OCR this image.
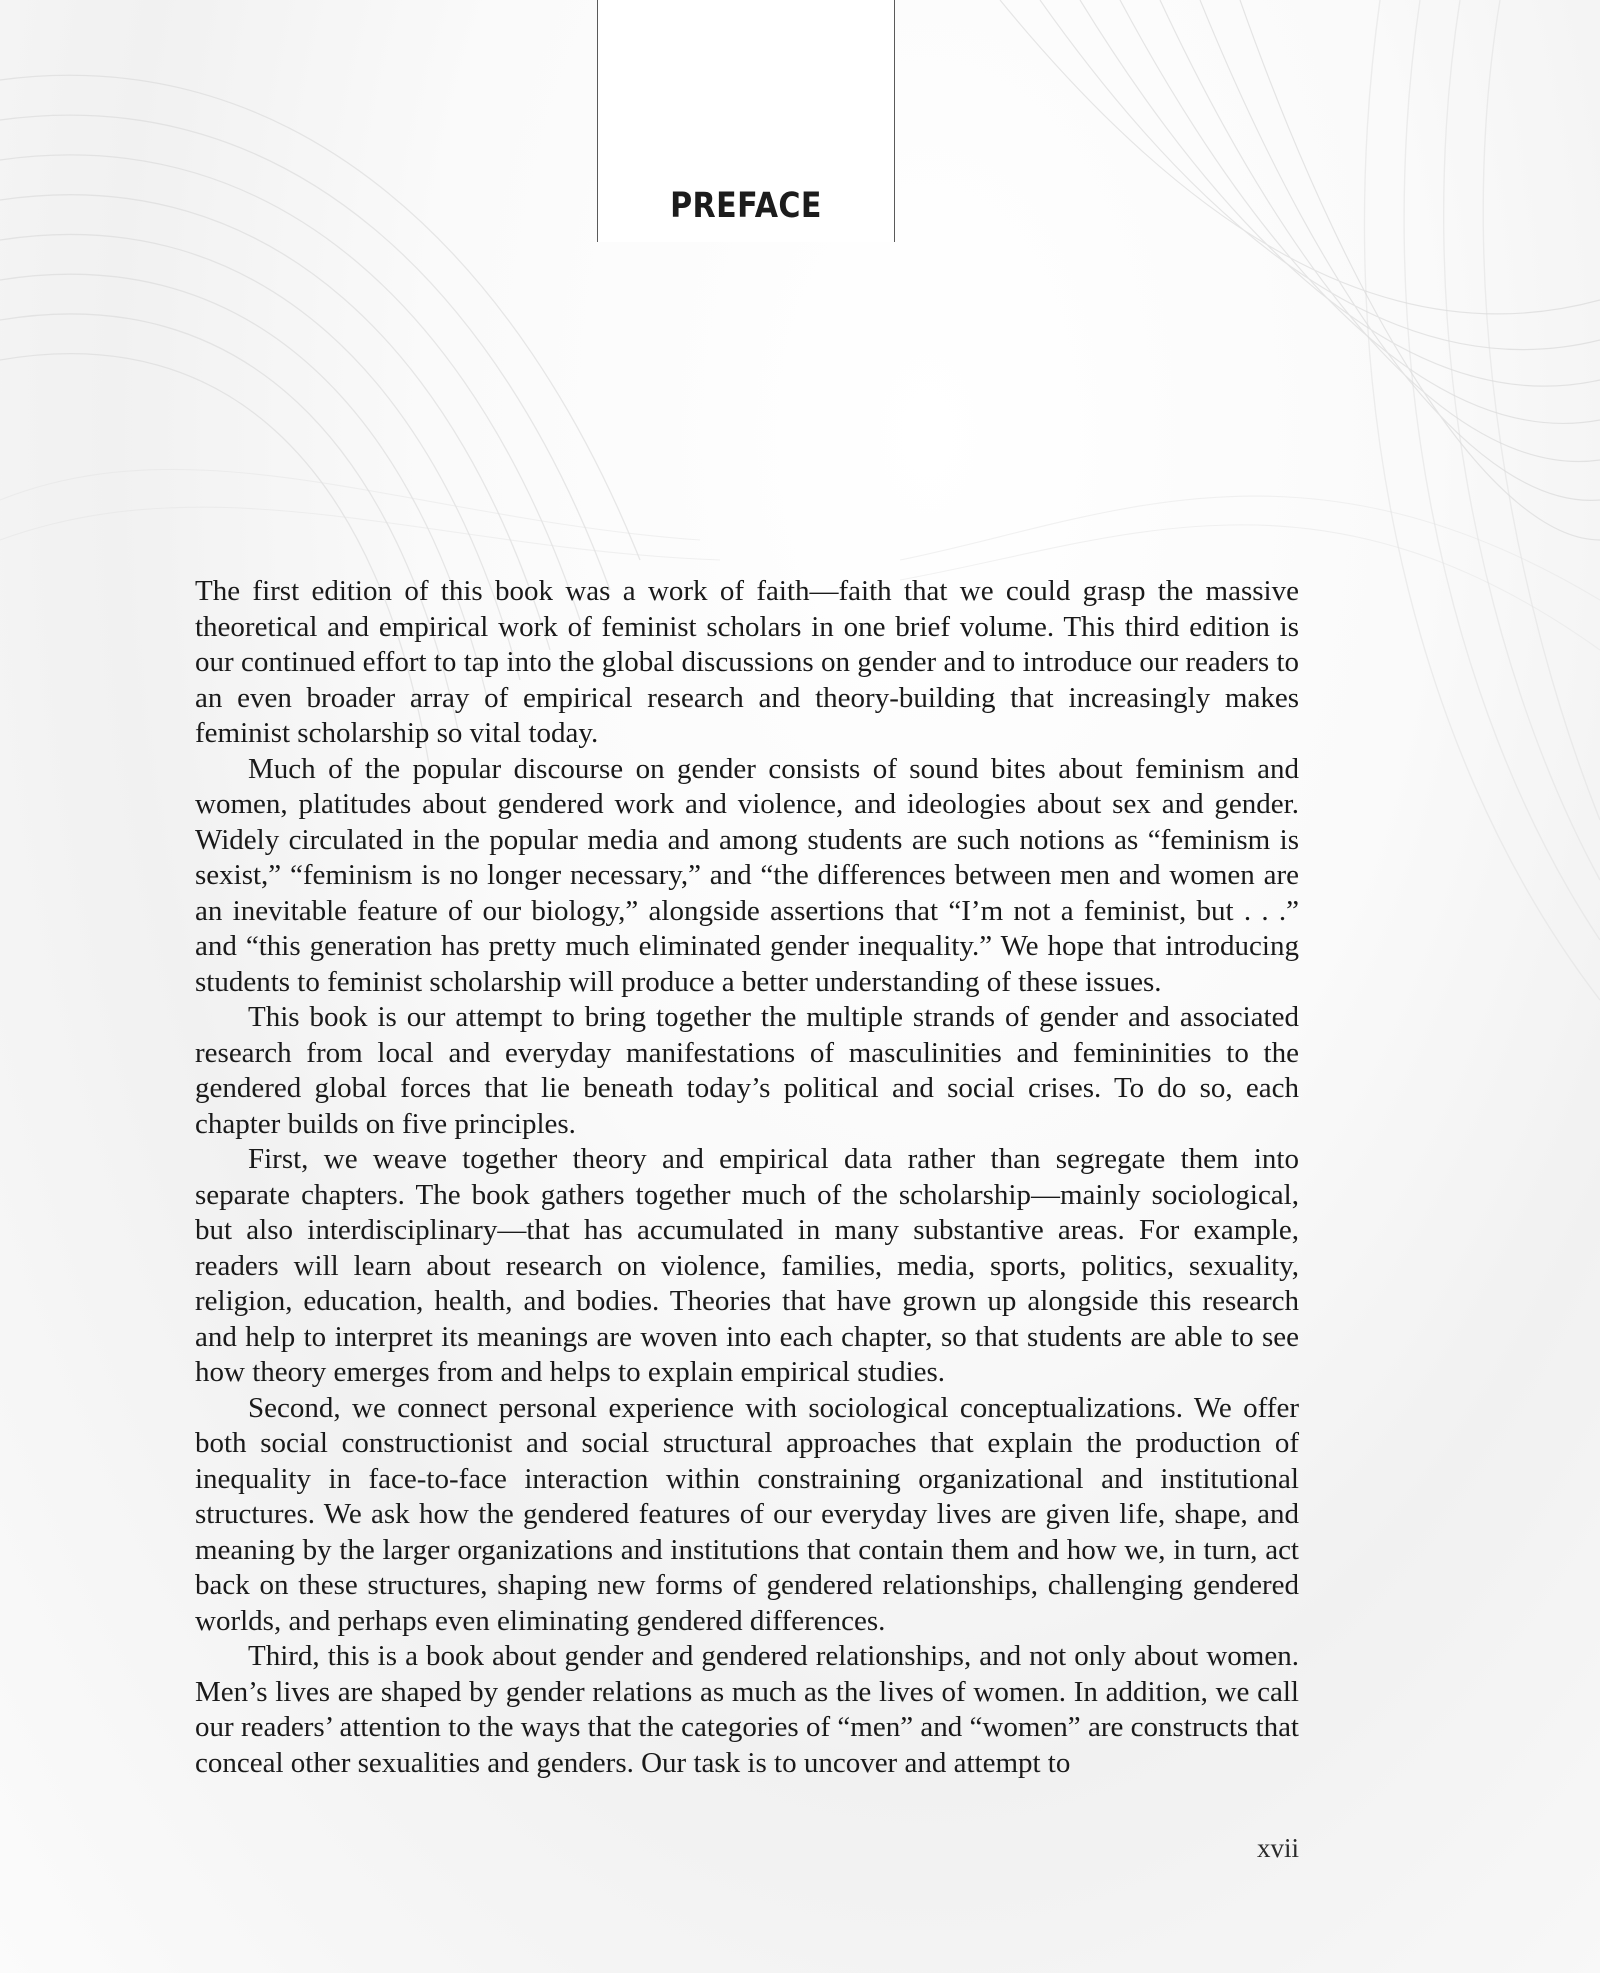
PREFACE

The first edition of this book was a work of faith—faith that we could grasp the massive theoretical and empirical work of feminist scholars in one brief volume. This third edition is our continued effort to tap into the global discussions on gender and to introduce our readers to an even broader array of empirical research and theory-building that increasingly makes feminist scholarship so vital today.

Much of the popular discourse on gender consists of sound bites about feminism and women, platitudes about gendered work and violence, and ideologies about sex and gender. Widely circulated in the popular media and among students are such notions as “feminism is sexist,” “feminism is no longer necessary,” and “the differences between men and women are an inevitable feature of our biology,” alongside assertions that “I’m not a feminist, but . . .” and “this generation has pretty much eliminated gender inequality.” We hope that introducing students to feminist scholarship will produce a better understanding of these issues.

This book is our attempt to bring together the multiple strands of gender and associated research from local and everyday manifestations of masculinities and femininities to the gendered global forces that lie beneath today’s political and social crises. To do so, each chapter builds on five principles.

First, we weave together theory and empirical data rather than segregate them into separate chapters. The book gathers together much of the scholarship—mainly sociological, but also interdisciplinary—that has accumulated in many substantive areas. For example, readers will learn about research on violence, families, media, sports, politics, sexuality, religion, education, health, and bodies. Theories that have grown up alongside this research and help to interpret its meanings are woven into each chapter, so that students are able to see how theory emerges from and helps to explain empirical studies.

Second, we connect personal experience with sociological conceptualizations. We offer both social constructionist and social structural approaches that explain the production of inequality in face-to-face interaction within constraining organizational and institutional structures. We ask how the gendered features of our everyday lives are given life, shape, and meaning by the larger organizations and institutions that contain them and how we, in turn, act back on these structures, shaping new forms of gendered relationships, challenging gendered worlds, and perhaps even eliminating gendered differences.

Third, this is a book about gender and gendered relationships, and not only about women. Men’s lives are shaped by gender relations as much as the lives of women. In addition, we call our readers’ attention to the ways that the categories of “men” and “women” are constructs that conceal other sexualities and genders. Our task is to uncover and attempt to

xvii
